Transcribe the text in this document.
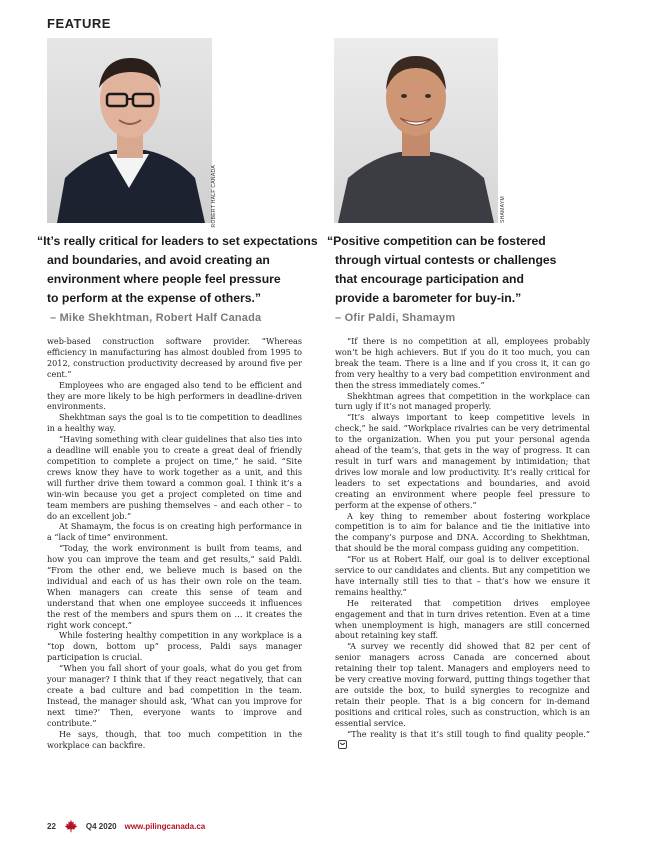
FEATURE
ROBERT HALF CANADA	SHAMAYM
“It’s really critical for leaders to set expectations
and boundaries, and avoid creating an
environment where people feel pressure
to perform at the expense of others.”
– Mike Shekhtman, Robert Half Canada
“Positive competition can be fostered
through virtual contests or challenges
that encourage participation and
provide a barometer for buy-in.”
– Ofir Paldi, Shamaym

web-based construction software provider. “Whereas efficiency in manufacturing has almost doubled from 1995 to 2012, construction productivity decreased by around five per cent.”

Employees who are engaged also tend to be efficient and they are more likely to be high performers in deadline-driven environments.

Shekhtman says the goal is to tie competition to deadlines in a healthy way.

“Having something with clear guidelines that also ties into a deadline will enable you to create a great deal of friendly competition to complete a project on time,” he said. “Site crews know they have to work together as a unit, and this will further drive them toward a common goal. I think it’s a win-win because you get a project completed on time and team members are pushing themselves – and each other – to do an excellent job.”

At Shamaym, the focus is on creating high performance in a “lack of time” environment.

“Today, the work environment is built from teams, and how you can improve the team and get results,” said Paldi. “From the other end, we believe much is based on the individual and each of us has their own role on the team. When managers can create this sense of team and understand that when one employee succeeds it influences the rest of the members and spurs them on … it creates the right work concept.”

While fostering healthy competition in any workplace is a “top down, bottom up” process, Paldi says manager participation is crucial.

“When you fall short of your goals, what do you get from your manager? I think that if they react negatively, that can create a bad culture and bad competition in the team. Instead, the manager should ask, ‘What can you improve for next time?’ Then, everyone wants to improve and contribute.”

He says, though, that too much competition in the workplace can backfire.

“If there is no competition at all, employees probably won’t be high achievers. But if you do it too much, you can break the team. There is a line and if you cross it, it can go from very healthy to a very bad competition environment and then the stress immediately comes.”

Shekhtman agrees that competition in the workplace can turn ugly if it’s not managed properly.

“It’s always important to keep competitive levels in check,” he said. “Workplace rivalries can be very detrimental to the organization. When you put your personal agenda ahead of the team’s, that gets in the way of progress. It can result in turf wars and management by intimidation; that drives low morale and low productivity. It’s really critical for leaders to set expectations and boundaries, and avoid creating an environment where people feel pressure to perform at the expense of others.”

A key thing to remember about fostering workplace competition is to aim for balance and tie the initiative into the company’s purpose and DNA. According to Shekhtman, that should be the moral compass guiding any competition.

“For us at Robert Half, our goal is to deliver exceptional service to our candidates and clients. But any competition we have internally still ties to that – that’s how we ensure it remains healthy.”

He reiterated that competition drives employee engagement and that in turn drives retention. Even at a time when unemployment is high, managers are still concerned about retaining key staff.

“A survey we recently did showed that 82 per cent of senior managers across Canada are concerned about retaining their top talent. Managers and employers need to be very creative moving forward, putting things together that are outside the box, to build synergies to recognize and retain their people. That is a big concern for in-demand positions and critical roles, such as construction, which is an essential service.

“The reality is that it’s still tough to find quality people.”

22	Q4 2020 www.pilingcanada.ca
